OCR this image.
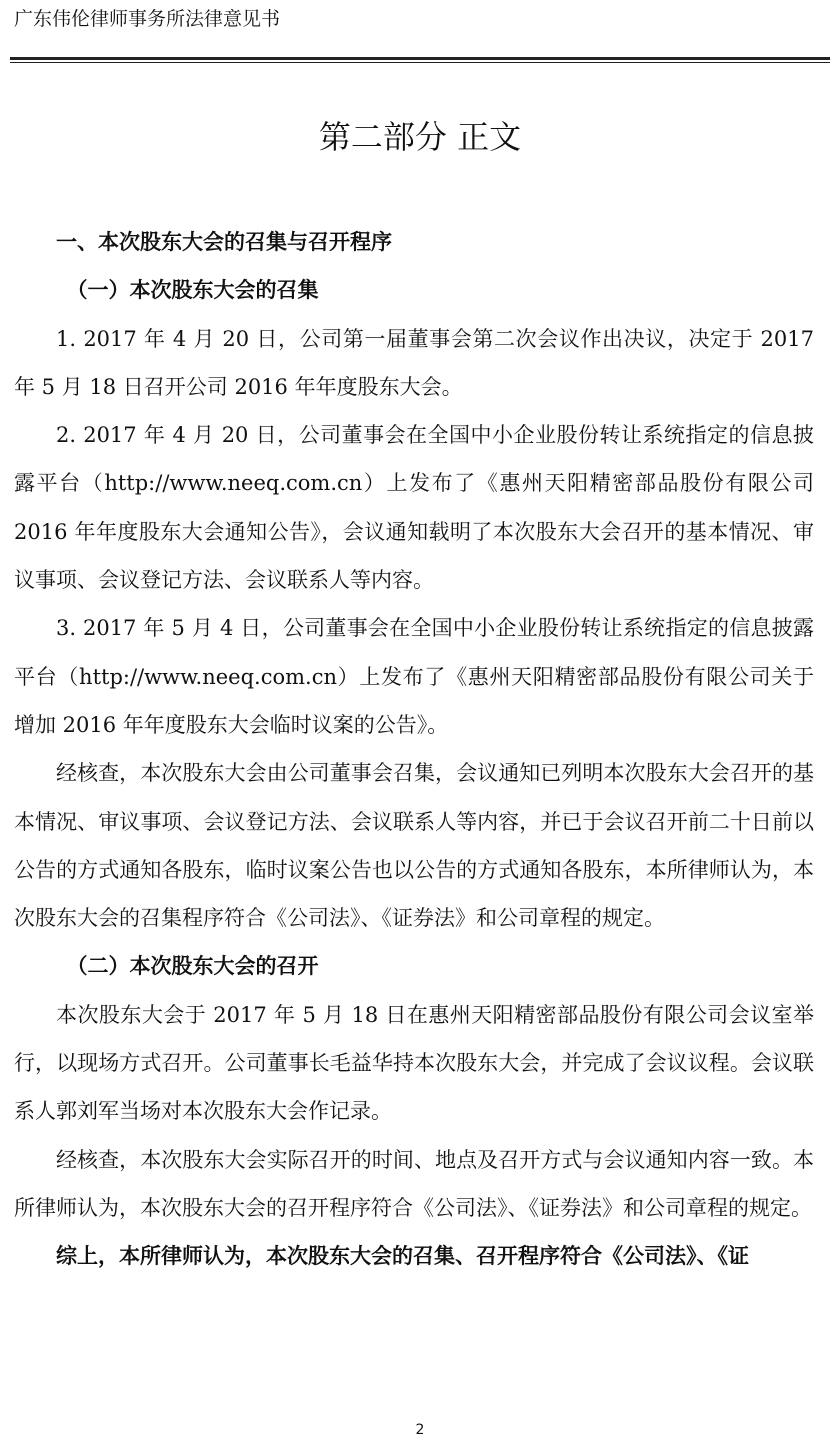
广东伟伦律师事务所法律意见书
第二部分 正文

一、本次股东大会的召集与召开程序

（一）本次股东大会的召集

1. 2017 年 4 月 20 日，公司第一届董事会第二次会议作出决议，决定于 2017 年 5 月 18 日召开公司 2016 年年度股东大会。

2. 2017 年 4 月 20 日，公司董事会在全国中小企业股份转让系统指定的信息披露平台（http://www.neeq.com.cn）上发布了《惠州天阳精密部品股份有限公司 2016 年年度股东大会通知公告》，会议通知载明了本次股东大会召开的基本情况、审议事项、会议登记方法、会议联系人等内容。

3. 2017 年 5 月 4 日，公司董事会在全国中小企业股份转让系统指定的信息披露平台（http://www.neeq.com.cn）上发布了《惠州天阳精密部品股份有限公司关于增加 2016 年年度股东大会临时议案的公告》。

经核查，本次股东大会由公司董事会召集，会议通知已列明本次股东大会召开的基本情况、审议事项、会议登记方法、会议联系人等内容，并已于会议召开前二十日前以公告的方式通知各股东，临时议案公告也以公告的方式通知各股东，本所律师认为，本次股东大会的召集程序符合《公司法》、《证券法》和公司章程的规定。

（二）本次股东大会的召开

本次股东大会于 2017 年 5 月 18 日在惠州天阳精密部品股份有限公司会议室举行，以现场方式召开。公司董事长毛益华持本次股东大会，并完成了会议议程。会议联系人郭刘军当场对本次股东大会作记录。

经核查，本次股东大会实际召开的时间、地点及召开方式与会议通知内容一致。本所律师认为，本次股东大会的召开程序符合《公司法》、《证券法》和公司章程的规定。

综上，本所律师认为，本次股东大会的召集、召开程序符合《公司法》、《证

2
